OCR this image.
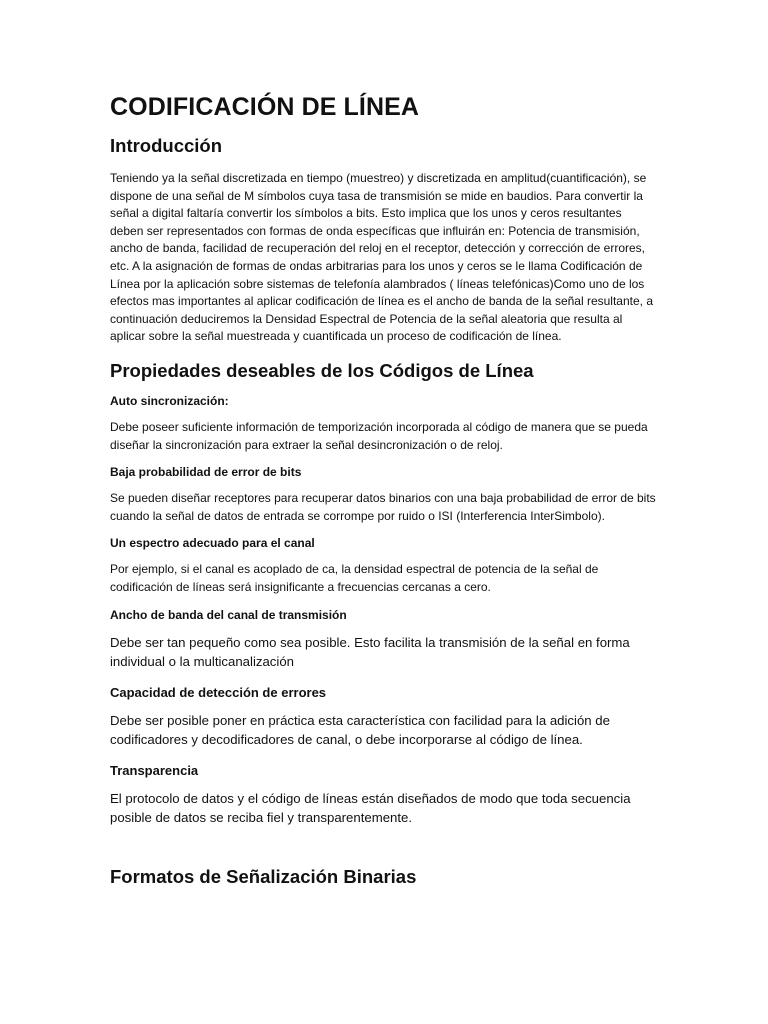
CODIFICACIÓN DE LÍNEA
Introducción

Teniendo ya la señal discretizada en tiempo (muestreo) y discretizada en amplitud(cuantificación), se dispone de una señal de M símbolos cuya tasa de transmisión se mide en baudios. Para convertir la señal a digital faltaría convertir los símbolos a bits. Esto implica que los unos y ceros resultantes deben ser representados con formas de onda específicas que influirán en: Potencia de transmisión, ancho de banda, facilidad de recuperación del reloj en el receptor, detección y corrección de errores, etc. A la asignación de formas de ondas arbitrarias para los unos y ceros se le llama Codificación de Línea por la aplicación sobre sistemas de telefonía alambrados ( líneas telefónicas)Como uno de los efectos mas importantes al aplicar codificación de línea es el ancho de banda de la señal resultante, a continuación deduciremos la Densidad Espectral de Potencia de la señal aleatoria que resulta al aplicar sobre la señal muestreada y cuantificada un proceso de codificación de línea.

Propiedades deseables de los Códigos de Línea

Auto sincronización:

Debe poseer suficiente información de temporización incorporada al código de manera que se pueda diseñar la sincronización para extraer la señal desincronización o de reloj.

Baja probabilidad de error de bits

Se pueden diseñar receptores para recuperar datos binarios con una baja probabilidad de error de bits cuando la señal de datos de entrada se corrompe por ruido o ISI (Interferencia InterSimbolo).

Un espectro adecuado para el canal

Por ejemplo, si el canal es acoplado de ca, la densidad espectral de potencia de la señal de codificación de líneas será insignificante a frecuencias cercanas a cero.

Ancho de banda del canal de transmisión

Debe ser tan pequeño como sea posible. Esto facilita la transmisión de la señal en forma individual o la multicanalización

Capacidad de detección de errores

Debe ser posible poner en práctica esta característica con facilidad para la adición de codificadores y decodificadores de canal, o debe incorporarse al código de línea.

Transparencia

El protocolo de datos y el código de líneas están diseñados de modo que toda secuencia posible de datos se reciba fiel y transparentemente.

Formatos de Señalización Binarias
